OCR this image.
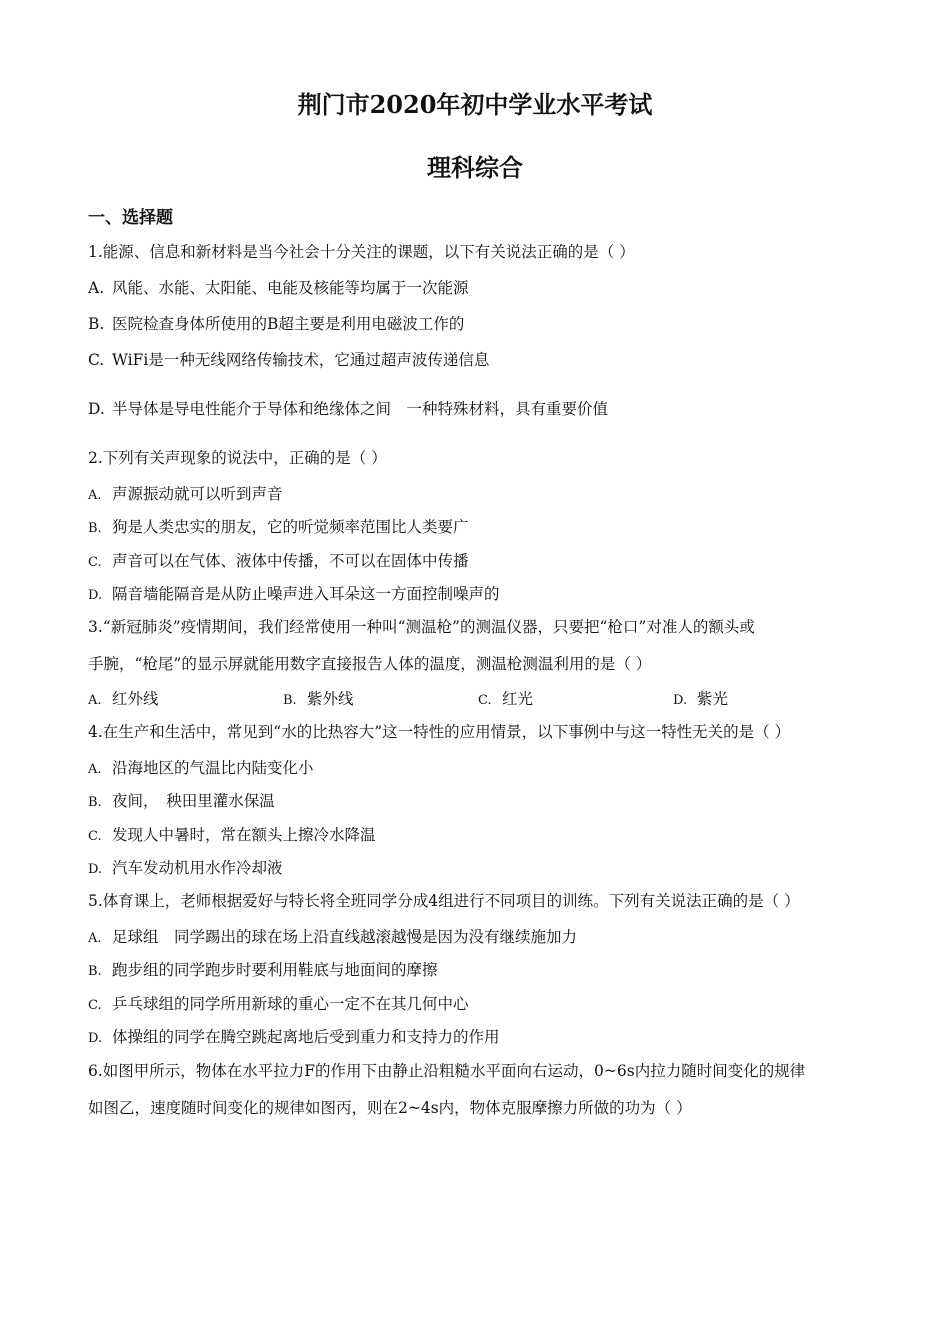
荆门市2020年初中学业水平考试
理科综合
一、选择题
1.能源、信息和新材料是当今社会十分关注的课题，以下有关说法正确的是（ ）
A. 风能、水能、太阳能、电能及核能等均属于一次能源
B. 医院检查身体所使用的B超主要是利用电磁波工作的
C. WiFi是一种无线网络传输技术，它通过超声波传递信息
D. 半导体是导电性能介于导体和绝缘体之间　一种特殊材料，具有重要价值
2.下列有关声现象的说法中，正确的是（ ）
A. 声源振动就可以听到声音
B. 狗是人类忠实的朋友，它的听觉频率范围比人类要广
C. 声音可以在气体、液体中传播，不可以在固体中传播
D. 隔音墙能隔音是从防止噪声进入耳朵这一方面控制噪声的
3.“新冠肺炎”疫情期间，我们经常使用一种叫“测温枪”的测温仪器，只要把“枪口”对准人的额头或
手腕，“枪尾”的显示屏就能用数字直接报告人体的温度，测温枪测温利用的是（ ）
A. 红外线	B. 紫外线	C. 红光	D. 紫光
4.在生产和生活中，常见到“水的比热容大”这一特性的应用情景，以下事例中与这一特性无关的是（ ）
A. 沿海地区的气温比内陆变化小
B. 夜间，　秧田里灌水保温
C. 发现人中暑时，常在额头上擦冷水降温
D. 汽车发动机用水作冷却液
5.体育课上，老师根据爱好与特长将全班同学分成4组进行不同项目的训练。下列有关说法正确的是（ ）
A. 足球组　同学踢出的球在场上沿直线越滚越慢是因为没有继续施加力
B. 跑步组的同学跑步时要利用鞋底与地面间的摩擦
C. 乒乓球组的同学所用新球的重心一定不在其几何中心
D. 体操组的同学在腾空跳起离地后受到重力和支持力的作用
6.如图甲所示，物体在水平拉力F的作用下由静止沿粗糙水平面向右运动，0~6s内拉力随时间变化的规律
如图乙，速度随时间变化的规律如图丙，则在2~4s内，物体克服摩擦力所做的功为（ ）
